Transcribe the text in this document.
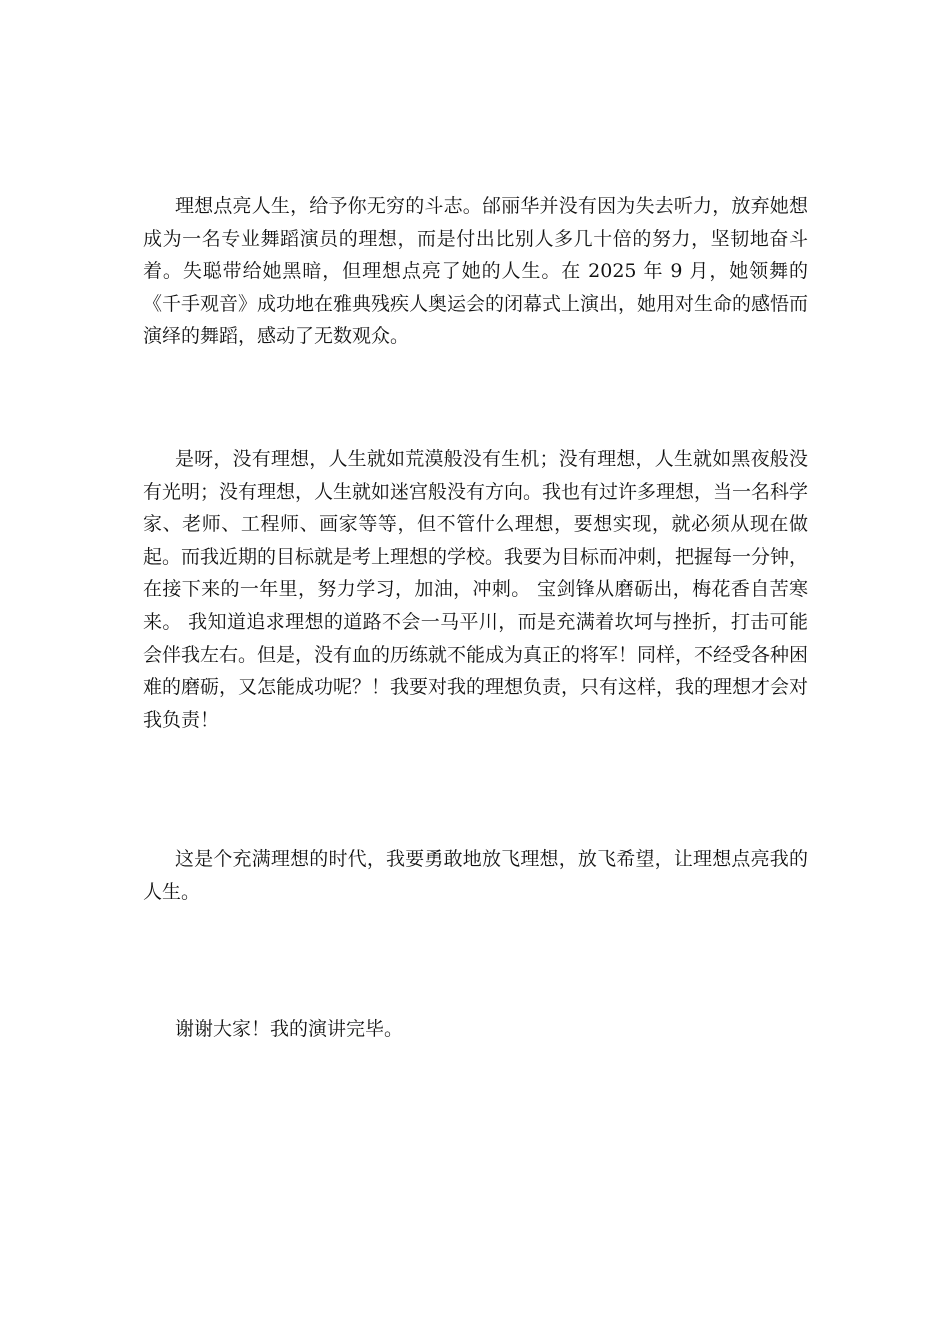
理想点亮人生，给予你无穷的斗志。邰丽华并没有因为失去听力，放弃她想成为一名专业舞蹈演员的理想，而是付出比别人多几十倍的努力，坚韧地奋斗着。失聪带给她黑暗，但理想点亮了她的人生。在 2025 年 9 月，她领舞的《千手观音》成功地在雅典残疾人奥运会的闭幕式上演出，她用对生命的感悟而演绎的舞蹈，感动了无数观众。

是呀，没有理想，人生就如荒漠般没有生机；没有理想，人生就如黑夜般没有光明；没有理想，人生就如迷宫般没有方向。我也有过许多理想，当一名科学家、老师、工程师、画家等等，但不管什么理想，要想实现，就必须从现在做起。而我近期的目标就是考上理想的学校。我要为目标而冲刺，把握每一分钟，在接下来的一年里，努力学习，加油，冲刺。 宝剑锋从磨砺出，梅花香自苦寒来。 我知道追求理想的道路不会一马平川，而是充满着坎坷与挫折，打击可能会伴我左右。但是，没有血的历练就不能成为真正的将军！同样，不经受各种困难的磨砺，又怎能成功呢？！我要对我的理想负责，只有这样，我的理想才会对我负责！

这是个充满理想的时代，我要勇敢地放飞理想，放飞希望，让理想点亮我的人生。

谢谢大家！我的演讲完毕。
